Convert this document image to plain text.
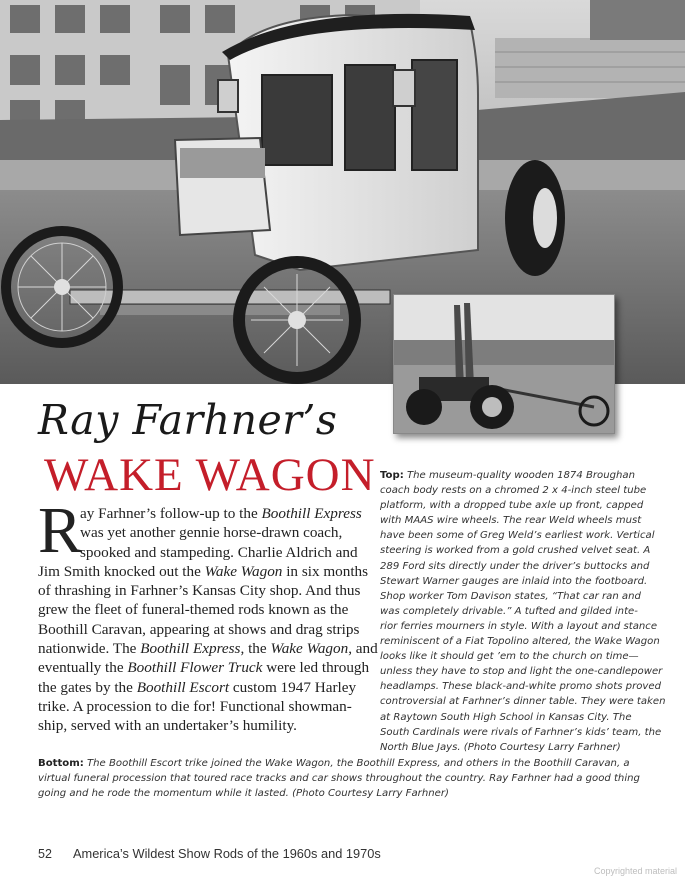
Ray Farhner’s
WAKE WAGON
R
ay Farhner’s follow-up to the Boothill Express
was yet another gennie horse-drawn coach,
spooked and stampeding. Charlie Aldrich and
Jim Smith knocked out the Wake Wagon in six months
of thrashing in Farhner’s Kansas City shop. And thus
grew the fleet of funeral-themed rods known as the
Boothill Caravan, appearing at shows and drag strips
nationwide. The Boothill Express, the Wake Wagon, and
eventually the Boothill Flower Truck were led through
the gates by the Boothill Escort custom 1947 Harley
trike. A procession to die for! Functional showman-
ship, served with an undertaker’s humility.
Top: The museum-quality wooden 1874 Broughan
coach body rests on a chromed 2 x 4-inch steel tube
platform, with a dropped tube axle up front, capped
with MAAS wire wheels. The rear Weld wheels must
have been some of Greg Weld’s earliest work. Vertical
steering is worked from a gold crushed velvet seat. A
289 Ford sits directly under the driver’s buttocks and
Stewart Warner gauges are inlaid into the footboard.
Shop worker Tom Davison states, “That car ran and
was completely drivable.” A tufted and gilded inte-
rior ferries mourners in style. With a layout and stance
reminiscent of a Fiat Topolino altered, the Wake Wagon
looks like it should get ’em to the church on time—
unless they have to stop and light the one-candlepower
headlamps. These black-and-white promo shots proved
controversial at Farhner’s dinner table. They were taken
at Raytown South High School in Kansas City. The
South Cardinals were rivals of Farhner’s kids’ team, the
North Blue Jays. (Photo Courtesy Larry Farhner)
Bottom: The Boothill Escort trike joined the Wake Wagon, the Boothill Express, and others in the Boothill Caravan, a
virtual funeral procession that toured race tracks and car shows throughout the country. Ray Farhner had a good thing
going and he rode the momentum while it lasted. (Photo Courtesy Larry Farhner)
52 America’s Wildest Show Rods of the 1960s and 1970s
Copyrighted material
